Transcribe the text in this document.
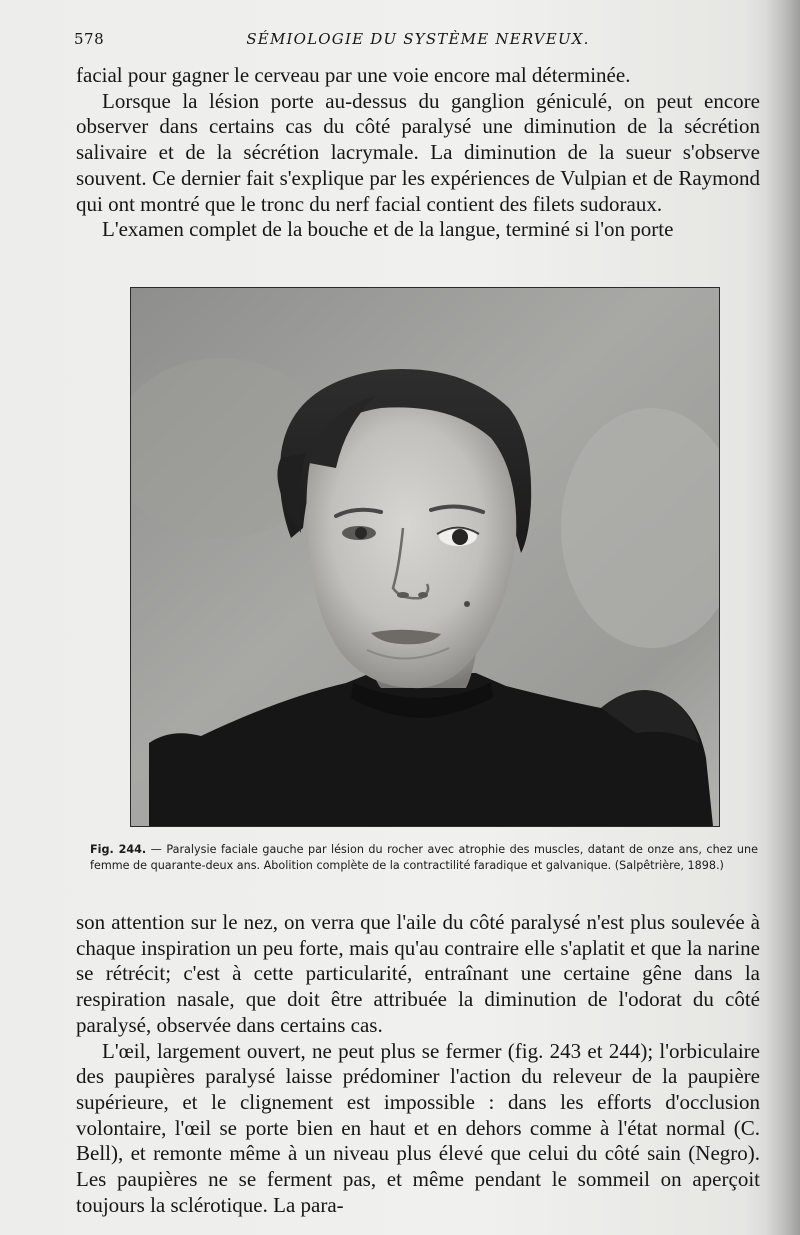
578	SÉMIOLOGIE DU SYSTÈME NERVEUX.

facial pour gagner le cerveau par une voie encore mal déterminée.

Lorsque la lésion porte au-dessus du ganglion géniculé, on peut encore observer dans certains cas du côté paralysé une diminution de la sécrétion salivaire et de la sécrétion lacrymale. La diminution de la sueur s'observe souvent. Ce dernier fait s'explique par les expériences de Vulpian et de Raymond qui ont montré que le tronc du nerf facial contient des filets sudoraux.

L'examen complet de la bouche et de la langue, terminé si l'on porte

Fig. 244. — Paralysie faciale gauche par lésion du rocher avec atrophie des muscles, datant de onze ans, chez une femme de quarante-deux ans. Abolition complète de la contractilité faradique et galvanique. (Salpêtrière, 1898.)

son attention sur le nez, on verra que l'aile du côté paralysé n'est plus soulevée à chaque inspiration un peu forte, mais qu'au contraire elle s'aplatit et que la narine se rétrécit; c'est à cette particularité, entraînant une certaine gêne dans la respiration nasale, que doit être attribuée la diminution de l'odorat du côté paralysé, observée dans certains cas.

L'œil, largement ouvert, ne peut plus se fermer (fig. 243 et 244); l'orbiculaire des paupières paralysé laisse prédominer l'action du releveur de la paupière supérieure, et le clignement est impossible : dans les efforts d'occlusion volontaire, l'œil se porte bien en haut et en dehors comme à l'état normal (C. Bell), et remonte même à un niveau plus élevé que celui du côté sain (Negro). Les paupières ne se ferment pas, et même pendant le sommeil on aperçoit toujours la sclérotique. La para-
